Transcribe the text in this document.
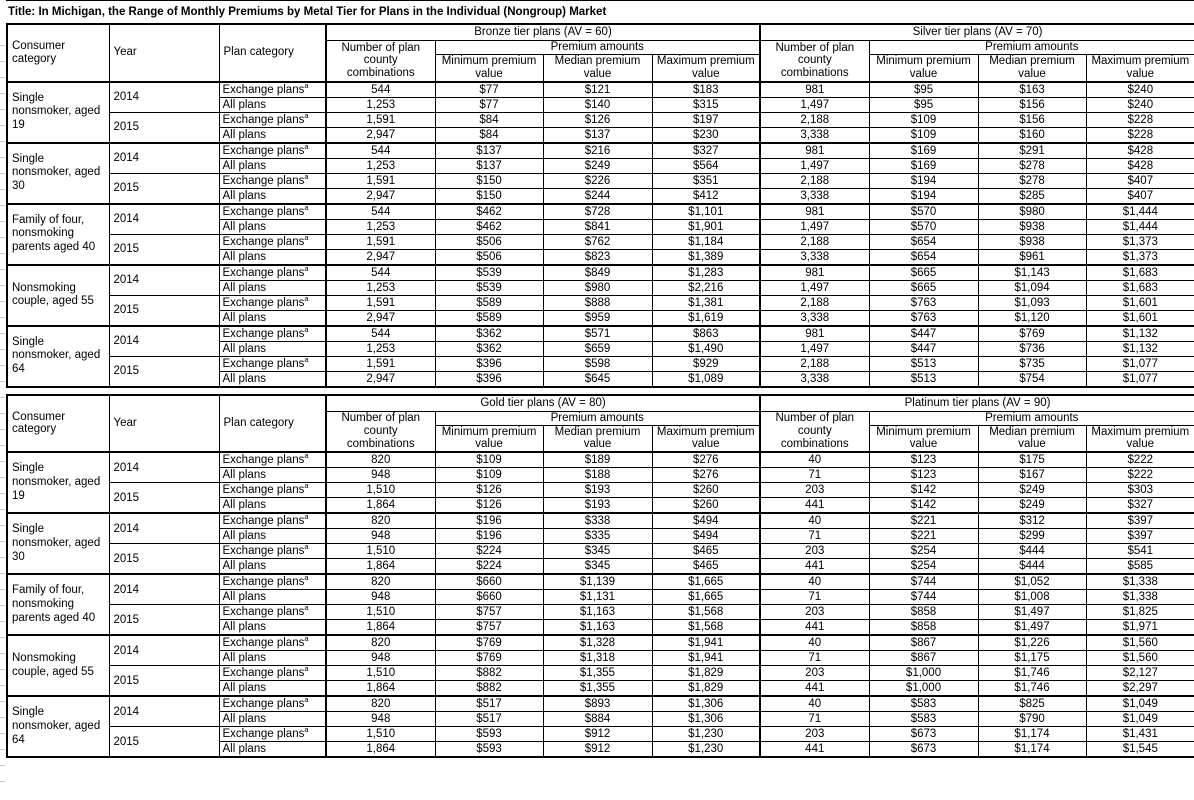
Title: In Michigan, the Range of Monthly Premiums by Metal Tier for Plans in the Individual (Nongroup) Market
Consumer category	Year	Plan category	Bronze tier plans (AV = 60)				Silver tier plans (AV = 70)			
			Number of plan county combinations	Premium amounts			Number of plan county combinations	Premium amounts		
				Minimum premium value	Median premium value	Maximum premium value		Minimum premium value	Median premium value	Maximum premium value
Single nonsmoker, aged 19	2014	Exchange plans$^a$	544	$77	$121	$183	981	$95	$163	$240
		All plans	1,253	$77	$140	$315	1,497	$95	$156	$240
	2015	Exchange plans$^a$	1,591	$84	$126	$197	2,188	$109	$156	$228
		All plans	2,947	$84	$137	$230	3,338	$109	$160	$228
Single nonsmoker, aged 30	2014	Exchange plans$^a$	544	$137	$216	$327	981	$169	$291	$428
		All plans	1,253	$137	$249	$564	1,497	$169	$278	$428
	2015	Exchange plans$^a$	1,591	$150	$226	$351	2,188	$194	$278	$407
		All plans	2,947	$150	$244	$412	3,338	$194	$285	$407
Family of four, nonsmoking parents aged 40	2014	Exchange plans$^a$	544	$462	$728	$1,101	981	$570	$980	$1,444
		All plans	1,253	$462	$841	$1,901	1,497	$570	$938	$1,444
	2015	Exchange plans$^a$	1,591	$506	$762	$1,184	2,188	$654	$938	$1,373
		All plans	2,947	$506	$823	$1,389	3,338	$654	$961	$1,373
Nonsmoking couple, aged 55	2014	Exchange plans$^a$	544	$539	$849	$1,283	981	$665	$1,143	$1,683
		All plans	1,253	$539	$980	$2,216	1,497	$665	$1,094	$1,683
	2015	Exchange plans$^a$	1,591	$589	$888	$1,381	2,188	$763	$1,093	$1,601
		All plans	2,947	$589	$959	$1,619	3,338	$763	$1,120	$1,601
Single nonsmoker, aged 64	2014	Exchange plans$^a$	544	$362	$571	$863	981	$447	$769	$1,132
		All plans	1,253	$362	$659	$1,490	1,497	$447	$736	$1,132
	2015	Exchange plans$^a$	1,591	$396	$598	$929	2,188	$513	$735	$1,077
		All plans	2,947	$396	$645	$1,089	3,338	$513	$754	$1,077
Consumer category	Year	Plan category	Gold tier plans (AV = 80)				Platinum tier plans (AV = 90)			
			Number of plan county combinations	Premium amounts			Number of plan county combinations	Premium amounts		
				Minimum premium value	Median premium value	Maximum premium value		Minimum premium value	Median premium value	Maximum premium value
Single nonsmoker, aged 19	2014	Exchange plans$^a$	820	$109	$189	$276	40	$123	$175	$222
		All plans	948	$109	$188	$276	71	$123	$167	$222
	2015	Exchange plans$^a$	1,510	$126	$193	$260	203	$142	$249	$303
		All plans	1,864	$126	$193	$260	441	$142	$249	$327
Single nonsmoker, aged 30	2014	Exchange plans$^a$	820	$196	$338	$494	40	$221	$312	$397
		All plans	948	$196	$335	$494	71	$221	$299	$397
	2015	Exchange plans$^a$	1,510	$224	$345	$465	203	$254	$444	$541
		All plans	1,864	$224	$345	$465	441	$254	$444	$585
Family of four, nonsmoking parents aged 40	2014	Exchange plans$^a$	820	$660	$1,139	$1,665	40	$744	$1,052	$1,338
		All plans	948	$660	$1,131	$1,665	71	$744	$1,008	$1,338
	2015	Exchange plans$^a$	1,510	$757	$1,163	$1,568	203	$858	$1,497	$1,825
		All plans	1,864	$757	$1,163	$1,568	441	$858	$1,497	$1,971
Nonsmoking couple, aged 55	2014	Exchange plans$^a$	820	$769	$1,328	$1,941	40	$867	$1,226	$1,560
		All plans	948	$769	$1,318	$1,941	71	$867	$1,175	$1,560
	2015	Exchange plans$^a$	1,510	$882	$1,355	$1,829	203	$1,000	$1,746	$2,127
		All plans	1,864	$882	$1,355	$1,829	441	$1,000	$1,746	$2,297
Single nonsmoker, aged 64	2014	Exchange plans$^a$	820	$517	$893	$1,306	40	$583	$825	$1,049
		All plans	948	$517	$884	$1,306	71	$583	$790	$1,049
	2015	Exchange plans$^a$	1,510	$593	$912	$1,230	203	$673	$1,174	$1,431
		All plans	1,864	$593	$912	$1,230	441	$673	$1,174	$1,545
